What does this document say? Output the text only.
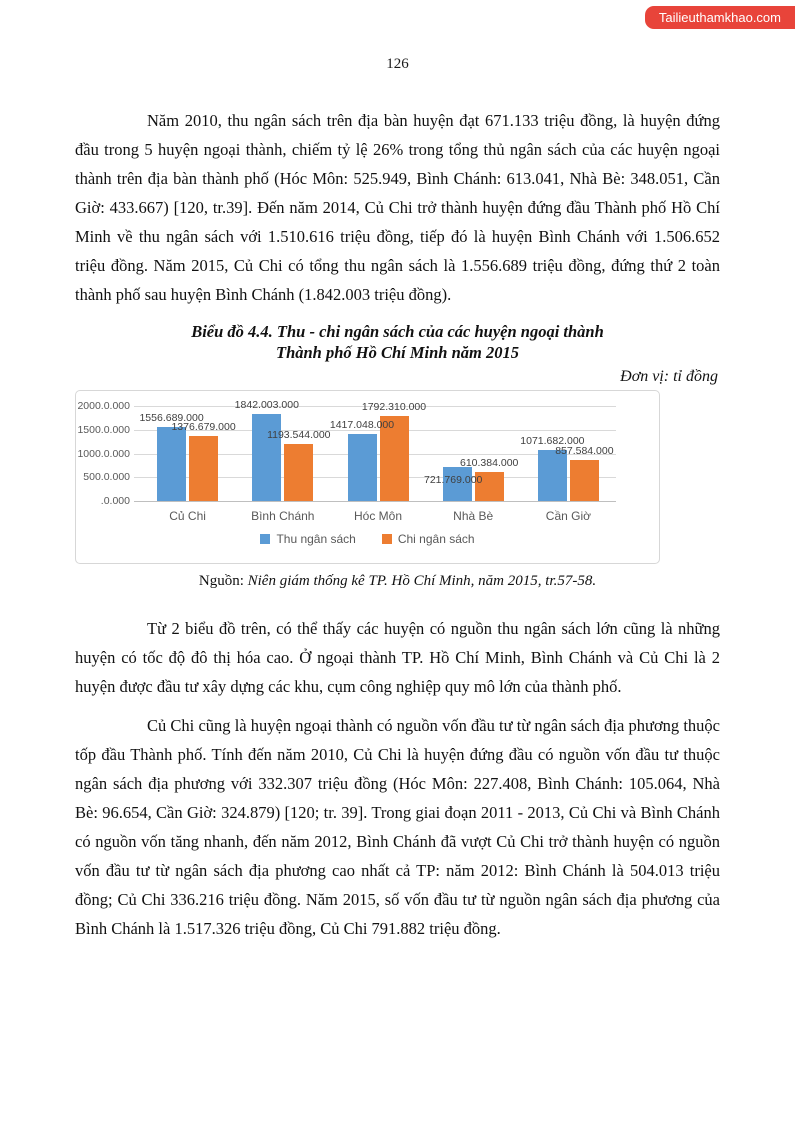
Tailieuthamkhao.com
126

Năm 2010, thu ngân sách trên địa bàn huyện đạt 671.133 triệu đồng, là huyện đứng đầu trong 5 huyện ngoại thành, chiếm tỷ lệ 26% trong tổng thủ ngân sách của các huyện ngoại thành trên địa bàn thành phố (Hóc Môn: 525.949, Bình Chánh: 613.041, Nhà Bè: 348.051, Cần Giờ: 433.667) [120, tr.39]. Đến năm 2014, Củ Chi trở thành huyện đứng đầu Thành phố Hồ Chí Minh về thu ngân sách với 1.510.616 triệu đồng, tiếp đó là huyện Bình Chánh với 1.506.652 triệu đồng. Năm 2015, Củ Chi có tổng thu ngân sách là 1.556.689 triệu đồng, đứng thứ 2 toàn thành phố sau huyện Bình Chánh (1.842.003 triệu đồng).

Biểu đồ 4.4. Thu - chi ngân sách của các huyện ngoại thành
Thành phố Hồ Chí Minh năm 2015
Đơn vị: tỉ đồng
2000.0.000
1500.0.000
1000.0.000
500.0.000
.0.000
Củ Chi
1556.689.000
1376.679.000
Bình Chánh
1842.003.000
1193.544.000
Hóc Môn
1417.048.000
1792.310.000
Nhà Bè
721.769.000
610.384.000
Cần Giờ
1071.682.000
857.584.000
Thu ngân sách	Chi ngân sách
Nguồn: Niên giám thống kê TP. Hồ Chí Minh, năm 2015, tr.57-58.

Từ 2 biểu đồ trên, có thể thấy các huyện có nguồn thu ngân sách lớn cũng là những huyện có tốc độ đô thị hóa cao. Ở ngoại thành TP. Hồ Chí Minh, Bình Chánh và Củ Chi là 2 huyện được đầu tư xây dựng các khu, cụm công nghiệp quy mô lớn của thành phố.

Củ Chi cũng là huyện ngoại thành có nguồn vốn đầu tư từ ngân sách địa phương thuộc tốp đầu Thành phố. Tính đến năm 2010, Củ Chi là huyện đứng đầu có nguồn vốn đầu tư thuộc ngân sách địa phương với 332.307 triệu đồng (Hóc Môn: 227.408, Bình Chánh: 105.064, Nhà Bè: 96.654, Cần Giờ: 324.879) [120; tr. 39]. Trong giai đoạn 2011 - 2013, Củ Chi và Bình Chánh có nguồn vốn tăng nhanh, đến năm 2012, Bình Chánh đã vượt Củ Chi trở thành huyện có nguồn vốn đầu tư từ ngân sách địa phương cao nhất cả TP: năm 2012: Bình Chánh là 504.013 triệu đồng; Củ Chi 336.216 triệu đồng. Năm 2015, số vốn đầu tư từ nguồn ngân sách địa phương của Bình Chánh là 1.517.326 triệu đồng, Củ Chi 791.882 triệu đồng.
